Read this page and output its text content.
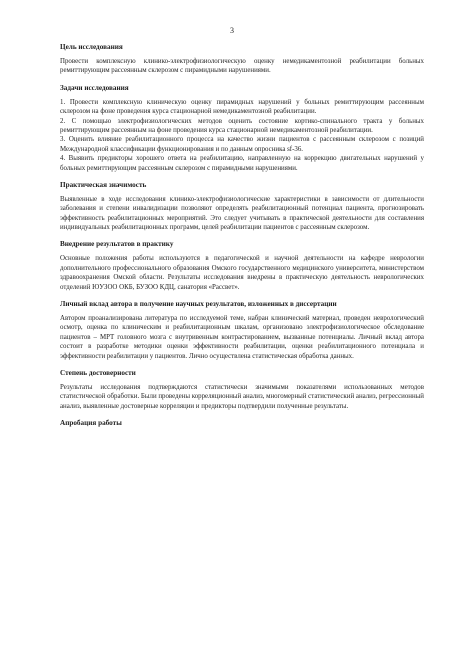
3
Цель исследования

Провести комплексную клинико-электрофизиологическую оценку немедикаментозной реабилитации больных ремиттирующим рассеянным склерозом с пирамидными нарушениями.

Задачи исследования

1. Провести комплексную клиническую оценку пирамидных нарушений у больных ремиттирующим рассеянным склерозом на фоне проведения курса стационарной немедикаментозной реабилитации.

2. С помощью электрофизиологических методов оценить состояние кортико-спинального тракта у больных ремиттирующим рассеянным на фоне проведения курса стационарной немедикаментозной реабилитации.

3. Оценить влияние реабилитационного процесса на качество жизни пациентов с рассеянным склерозом с позиций Международной классификации функционирования и по данным опросника sf-36.

4. Выявить предикторы хорошего ответа на реабилитацию, направленную на коррекцию двигательных нарушений у больных ремиттирующим рассеянным склерозом с пирамидными нарушениями.

Практическая значимость

Выявленные в ходе исследования клинико-электрофизиологические характеристики в зависимости от длительности заболевания и степени инвалидизации позволяют определять реабилитационный потенциал пациента, прогнозировать эффективность реабилитационных мероприятий. Это следует учитывать в практической деятельности для составления индивидуальных реабилитационных программ, целей реабилитации пациентов с рассеянным склерозом.

Внедрение результатов в практику

Основные положения работы используются в педагогической и научной деятельности на кафедре неврологии дополнительного профессионального образования Омского государственного медицинского университета, министерством здравоохранения Омской области. Результаты исследования внедрены в практическую деятельность неврологических отделений ЮУЗОО ОКБ, БУЗОО КДЦ, санатория «Рассвет».

Личный вклад автора в получение научных результатов, изложенных в диссертации

Автором проанализирована литература по исследуемой теме, набран клинический материал, проведен неврологический осмотр, оценка по клиническим и реабилитационным шкалам, организовано электрофизиологическое обследование пациентов – МРТ головного мозга с внутривенным контрастированием, вызванные потенциалы. Личный вклад автора состоит в разработке методики оценки эффективности реабилитации, оценки реабилитационного потенциала и эффективности реабилитации у пациентов. Лично осуществлена статистическая обработка данных.

Степень достоверности

Результаты исследования подтверждаются статистически значимыми показателями использованных методов статистической обработки. Были проведены корреляционный анализ, многомерный статистический анализ, регрессионный анализ, выявленные достоверные корреляции и предикторы подтвердили полученные результаты.

Апробация работы
